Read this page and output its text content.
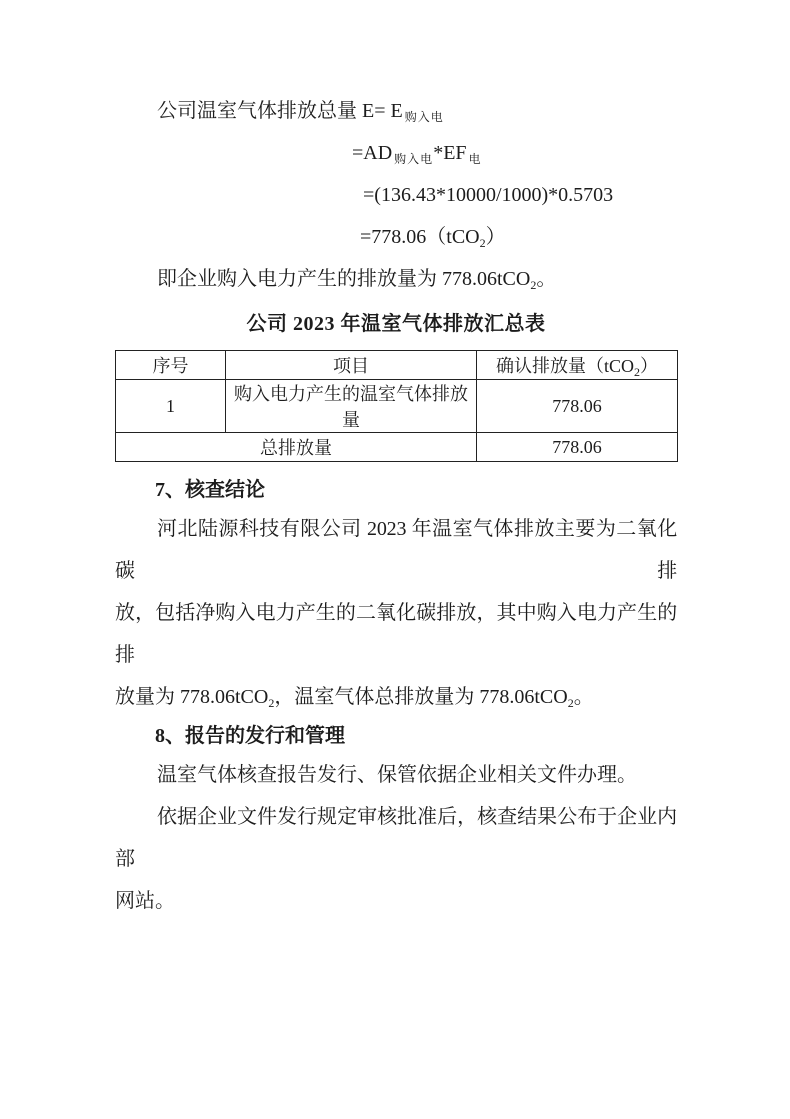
公司温室气体排放总量 E= E $_{购入电}$

=AD $_{购入电}$*EF $_电$

=(136.43*10000/1000)*0.5703

=778.06（tCO$_2$）

即企业购入电力产生的排放量为 778.06tCO$_2$。

公司 2023 年温室气体排放汇总表
序号	项目	确认排放量（tCO$_2$）
1	购入电力产生的温室气体排放量	778.06
总排放量		778.06
7、核查结论

河北陆源科技有限公司 2023 年温室气体排放主要为二氧化碳排

放，包括净购入电力产生的二氧化碳排放，其中购入电力产生的排

放量为 778.06tCO$_2$，温室气体总排放量为 778.06tCO$_2$。

8、报告的发行和管理

温室气体核查报告发行、保管依据企业相关文件办理。

依据企业文件发行规定审核批准后，核查结果公布于企业内部

网站。
